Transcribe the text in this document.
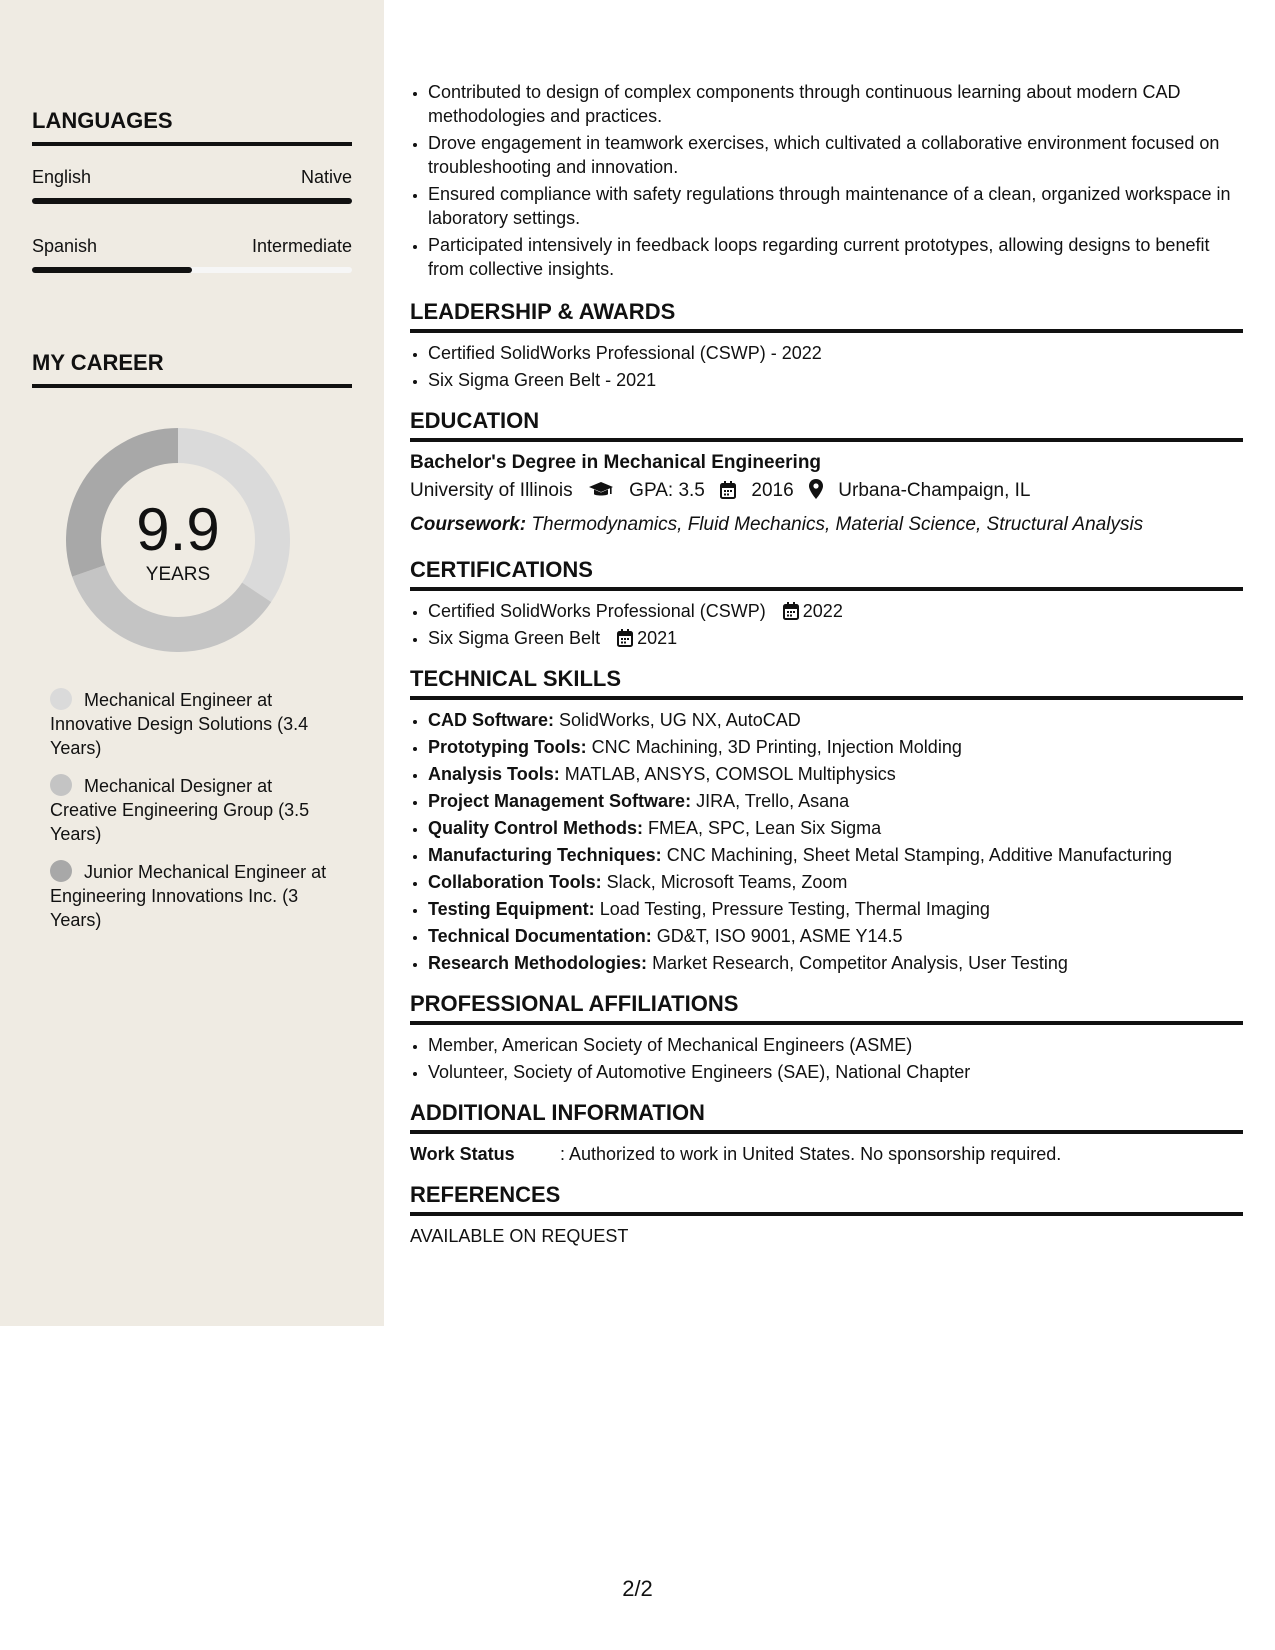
LANGUAGES
English	Native
Spanish	Intermediate
MY CAREER
9.9
YEARS
Mechanical Engineer at Innovative Design Solutions (3.4 Years)
Mechanical Designer at Creative Engineering Group (3.5 Years)
Junior Mechanical Engineer at Engineering Innovations Inc. (3 Years)
• Contributed to design of complex components through continuous learning about modern CAD methodologies and practices.
• Drove engagement in teamwork exercises, which cultivated a collaborative environment focused on troubleshooting and innovation.
• Ensured compliance with safety regulations through maintenance of a clean, organized workspace in laboratory settings.
• Participated intensively in feedback loops regarding current prototypes, allowing designs to benefit from collective insights.
LEADERSHIP & AWARDS
• Certified SolidWorks Professional (CSWP) - 2022
• Six Sigma Green Belt - 2021
EDUCATION
Bachelor's Degree in Mechanical Engineering
University of Illinois	GPA: 3.5 2016 Urbana-Champaign, IL
Coursework: Thermodynamics, Fluid Mechanics, Material Science, Structural Analysis
CERTIFICATIONS
• Certified SolidWorks Professional (CSWP) 2022
• Six Sigma Green Belt 2021
TECHNICAL SKILLS
• CAD Software: SolidWorks, UG NX, AutoCAD
• Prototyping Tools: CNC Machining, 3D Printing, Injection Molding
• Analysis Tools: MATLAB, ANSYS, COMSOL Multiphysics
• Project Management Software: JIRA, Trello, Asana
• Quality Control Methods: FMEA, SPC, Lean Six Sigma
• Manufacturing Techniques: CNC Machining, Sheet Metal Stamping, Additive Manufacturing
• Collaboration Tools: Slack, Microsoft Teams, Zoom
• Testing Equipment: Load Testing, Pressure Testing, Thermal Imaging
• Technical Documentation: GD&T, ISO 9001, ASME Y14.5
• Research Methodologies: Market Research, Competitor Analysis, User Testing
PROFESSIONAL AFFILIATIONS
• Member, American Society of Mechanical Engineers (ASME)
• Volunteer, Society of Automotive Engineers (SAE), National Chapter
ADDITIONAL INFORMATION
Work Status	: Authorized to work in United States. No sponsorship required.
REFERENCES
AVAILABLE ON REQUEST
2/2
